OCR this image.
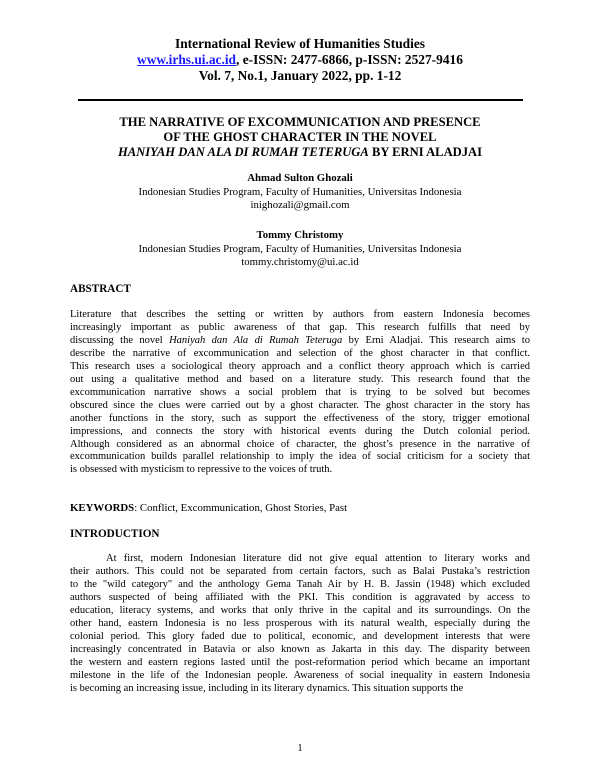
International Review of Humanities Studies
www.irhs.ui.ac.id, e-ISSN: 2477-6866, p-ISSN: 2527-9416
Vol. 7, No.1, January 2022, pp. 1-12
THE NARRATIVE OF EXCOMMUNICATION AND PRESENCE
OF THE GHOST CHARACTER IN THE NOVEL
HANIYAH DAN ALA DI RUMAH TETERUGA BY ERNI ALADJAI
Ahmad Sulton Ghozali
Indonesian Studies Program, Faculty of Humanities, Universitas Indonesia
inighozali@gmail.com
Tommy Christomy
Indonesian Studies Program, Faculty of Humanities, Universitas Indonesia
tommy.christomy@ui.ac.id
ABSTRACT
Literature that describes the setting or written by authors from eastern Indonesia becomes
increasingly important as public awareness of that gap. This research fulfills that need by
discussing the novel Haniyah dan Ala di Rumah Teteruga by Erni Aladjai. This research aims to
describe the narrative of excommunication and selection of the ghost character in that conflict.
This research uses a sociological theory approach and a conflict theory approach which is carried
out using a qualitative method and based on a literature study. This research found that the
excommunication narrative shows a social problem that is trying to be solved but becomes
obscured since the clues were carried out by a ghost character. The ghost character in the story has
another functions in the story, such as support the effectiveness of the story, trigger emotional
impressions, and connects the story with historical events during the Dutch colonial period.
Although considered as an abnormal choice of character, the ghost’s presence in the narrative of
excommunication builds parallel relationship to imply the idea of social criticism for a society that
is obsessed with mysticism to repressive to the voices of truth.
KEYWORDS: Conflict, Excommunication, Ghost Stories, Past
INTRODUCTION
At first, modern Indonesian literature did not give equal attention to literary works and
their authors. This could not be separated from certain factors, such as Balai Pustaka’s restriction
to the "wild category" and the anthology Gema Tanah Air by H. B. Jassin (1948) which excluded
authors suspected of being affiliated with the PKI. This condition is aggravated by access to
education, literacy systems, and works that only thrive in the capital and its surroundings. On the
other hand, eastern Indonesia is no less prosperous with its natural wealth, especially during the
colonial period. This glory faded due to political, economic, and development interests that were
increasingly concentrated in Batavia or also known as Jakarta in this day. The disparity between
the western and eastern regions lasted until the post-reformation period which became an important
milestone in the life of the Indonesian people. Awareness of social inequality in eastern Indonesia
is becoming an increasing issue, including in its literary dynamics. This situation supports the
1
